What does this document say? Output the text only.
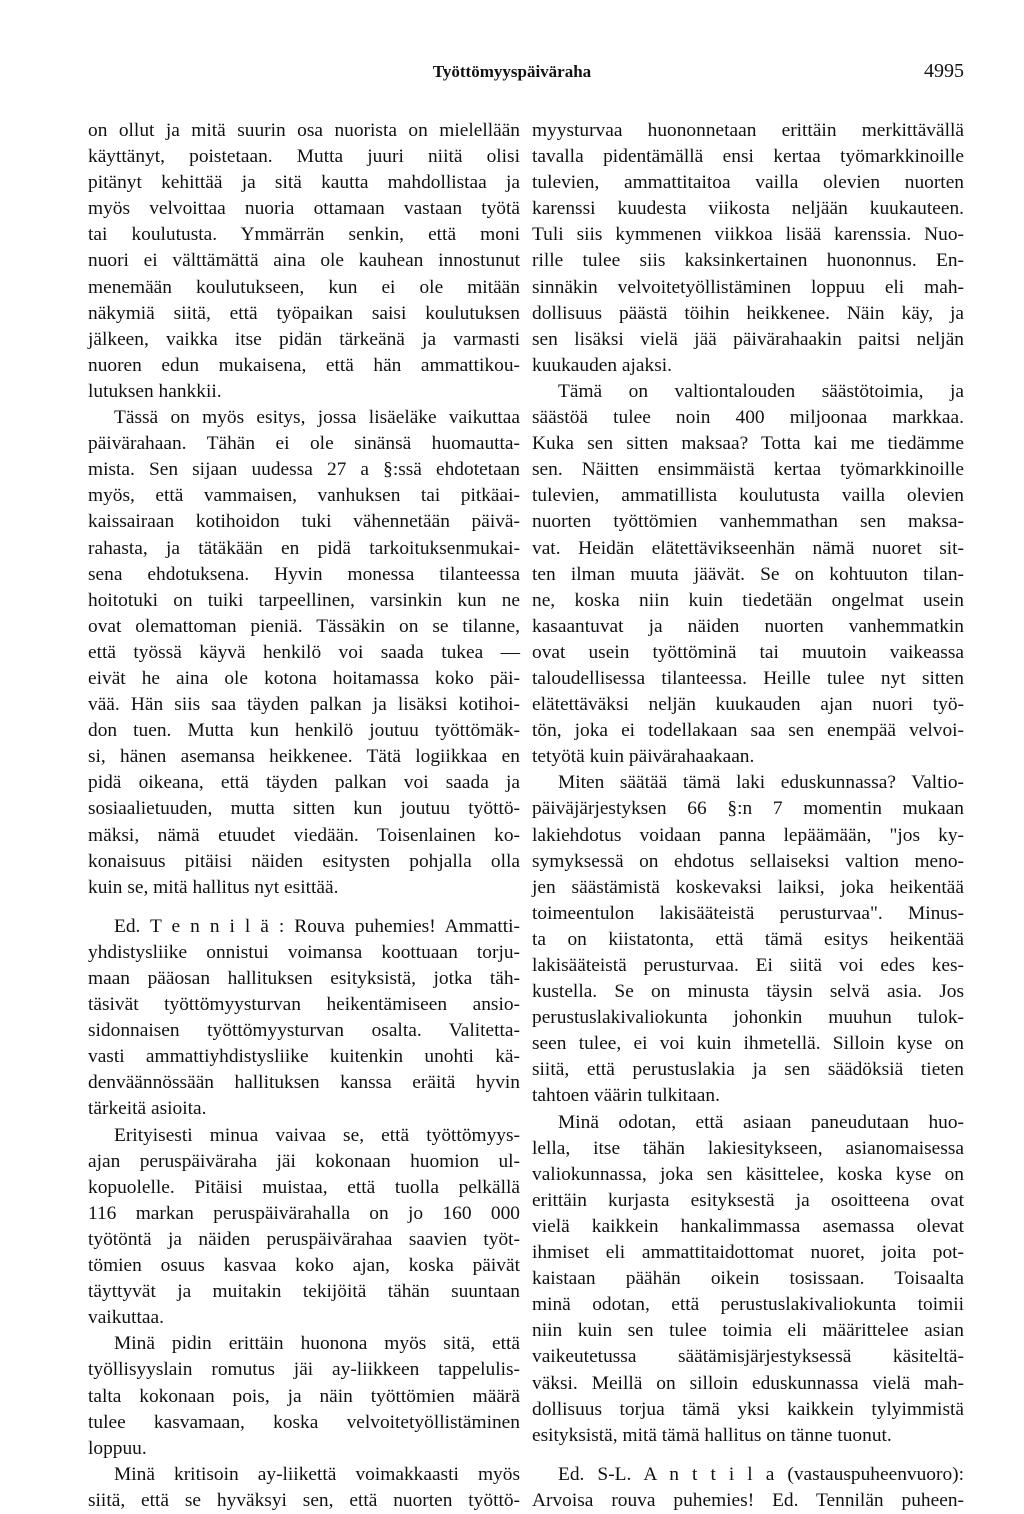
Työttömyyspäiväraha	4995
on ollut ja mitä suurin osa nuorista on mielellään
käyttänyt, poistetaan. Mutta juuri niitä olisi
pitänyt kehittää ja sitä kautta mahdollistaa ja
myös velvoittaa nuoria ottamaan vastaan työtä
tai koulutusta. Ymmärrän senkin, että moni
nuori ei välttämättä aina ole kauhean innostunut
menemään koulutukseen, kun ei ole mitään
näkymiä siitä, että työpaikan saisi koulutuksen
jälkeen, vaikka itse pidän tärkeänä ja varmasti
nuoren edun mukaisena, että hän ammattikou-
lutuksen hankkii.
Tässä on myös esitys, jossa lisäeläke vaikuttaa
päivärahaan. Tähän ei ole sinänsä huomautta-
mista. Sen sijaan uudessa 27 a §:ssä ehdotetaan
myös, että vammaisen, vanhuksen tai pitkäai-
kaissairaan kotihoidon tuki vähennetään päivä-
rahasta, ja tätäkään en pidä tarkoituksenmukai-
sena ehdotuksena. Hyvin monessa tilanteessa
hoitotuki on tuiki tarpeellinen, varsinkin kun ne
ovat olemattoman pieniä. Tässäkin on se tilanne,
että työssä käyvä henkilö voi saada tukea —
eivät he aina ole kotona hoitamassa koko päi-
vää. Hän siis saa täyden palkan ja lisäksi kotihoi-
don tuen. Mutta kun henkilö joutuu työttömäk-
si, hänen asemansa heikkenee. Tätä logiikkaa en
pidä oikeana, että täyden palkan voi saada ja
sosiaalietuuden, mutta sitten kun joutuu työttö-
mäksi, nämä etuudet viedään. Toisenlainen ko-
konaisuus pitäisi näiden esitysten pohjalla olla
kuin se, mitä hallitus nyt esittää.
Ed. T e n n i l ä : Rouva puhemies! Ammatti-
yhdistysliike onnistui voimansa koottuaan torju-
maan pääosan hallituksen esityksistä, jotka täh-
täsivät työttömyysturvan heikentämiseen ansio-
sidonnaisen työttömyysturvan osalta. Valitetta-
vasti ammattiyhdistysliike kuitenkin unohti kä-
denväännössään hallituksen kanssa eräitä hyvin
tärkeitä asioita.
Erityisesti minua vaivaa se, että työttömyys-
ajan peruspäiväraha jäi kokonaan huomion ul-
kopuolelle. Pitäisi muistaa, että tuolla pelkällä
116 markan peruspäivärahalla on jo 160 000
työtöntä ja näiden peruspäivärahaa saavien työt-
tömien osuus kasvaa koko ajan, koska päivät
täyttyvät ja muitakin tekijöitä tähän suuntaan
vaikuttaa.
Minä pidin erittäin huonona myös sitä, että
työllisyyslain romutus jäi ay-liikkeen tappelulis-
talta kokonaan pois, ja näin työttömien määrä
tulee kasvamaan, koska velvoitetyöllistäminen
loppuu.
Minä kritisoin ay-liikettä voimakkaasti myös
siitä, että se hyväksyi sen, että nuorten työttö-
myysturvaa huononnetaan erittäin merkittävällä
tavalla pidentämällä ensi kertaa työmarkkinoille
tulevien, ammattitaitoa vailla olevien nuorten
karenssi kuudesta viikosta neljään kuukauteen.
Tuli siis kymmenen viikkoa lisää karenssia. Nuo-
rille tulee siis kaksinkertainen huononnus. En-
sinnäkin velvoitetyöllistäminen loppuu eli mah-
dollisuus päästä töihin heikkenee. Näin käy, ja
sen lisäksi vielä jää päivärahaakin paitsi neljän
kuukauden ajaksi.
Tämä on valtiontalouden säästötoimia, ja
säästöä tulee noin 400 miljoonaa markkaa.
Kuka sen sitten maksaa? Totta kai me tiedämme
sen. Näitten ensimmäistä kertaa työmarkkinoille
tulevien, ammatillista koulutusta vailla olevien
nuorten työttömien vanhemmathan sen maksa-
vat. Heidän elätettävikseenhän nämä nuoret sit-
ten ilman muuta jäävät. Se on kohtuuton tilan-
ne, koska niin kuin tiedetään ongelmat usein
kasaantuvat ja näiden nuorten vanhemmatkin
ovat usein työttöminä tai muutoin vaikeassa
taloudellisessa tilanteessa. Heille tulee nyt sitten
elätettäväksi neljän kuukauden ajan nuori työ-
tön, joka ei todellakaan saa sen enempää velvoi-
tetyötä kuin päivärahaakaan.
Miten säätää tämä laki eduskunnassa? Valtio-
päiväjärjestyksen 66 §:n 7 momentin mukaan
lakiehdotus voidaan panna lepäämään, "jos ky-
symyksessä on ehdotus sellaiseksi valtion meno-
jen säästämistä koskevaksi laiksi, joka heikentää
toimeentulon lakisääteistä perusturvaa". Minus-
ta on kiistatonta, että tämä esitys heikentää
lakisääteistä perusturvaa. Ei siitä voi edes kes-
kustella. Se on minusta täysin selvä asia. Jos
perustuslakivaliokunta johonkin muuhun tulok-
seen tulee, ei voi kuin ihmetellä. Silloin kyse on
siitä, että perustuslakia ja sen säädöksiä tieten
tahtoen väärin tulkitaan.
Minä odotan, että asiaan paneudutaan huo-
lella, itse tähän lakiesitykseen, asianomaisessa
valiokunnassa, joka sen käsittelee, koska kyse on
erittäin kurjasta esityksestä ja osoitteena ovat
vielä kaikkein hankalimmassa asemassa olevat
ihmiset eli ammattitaidottomat nuoret, joita pot-
kaistaan päähän oikein tosissaan. Toisaalta
minä odotan, että perustuslakivaliokunta toimii
niin kuin sen tulee toimia eli määrittelee asian
vaikeutetussa säätämisjärjestyksessä käsiteltä-
väksi. Meillä on silloin eduskunnassa vielä mah-
dollisuus torjua tämä yksi kaikkein tylyimmistä
esityksistä, mitä tämä hallitus on tänne tuonut.
Ed. S-L. A n t t i l a (vastauspuheenvuoro):
Arvoisa rouva puhemies! Ed. Tennilän puheen-
